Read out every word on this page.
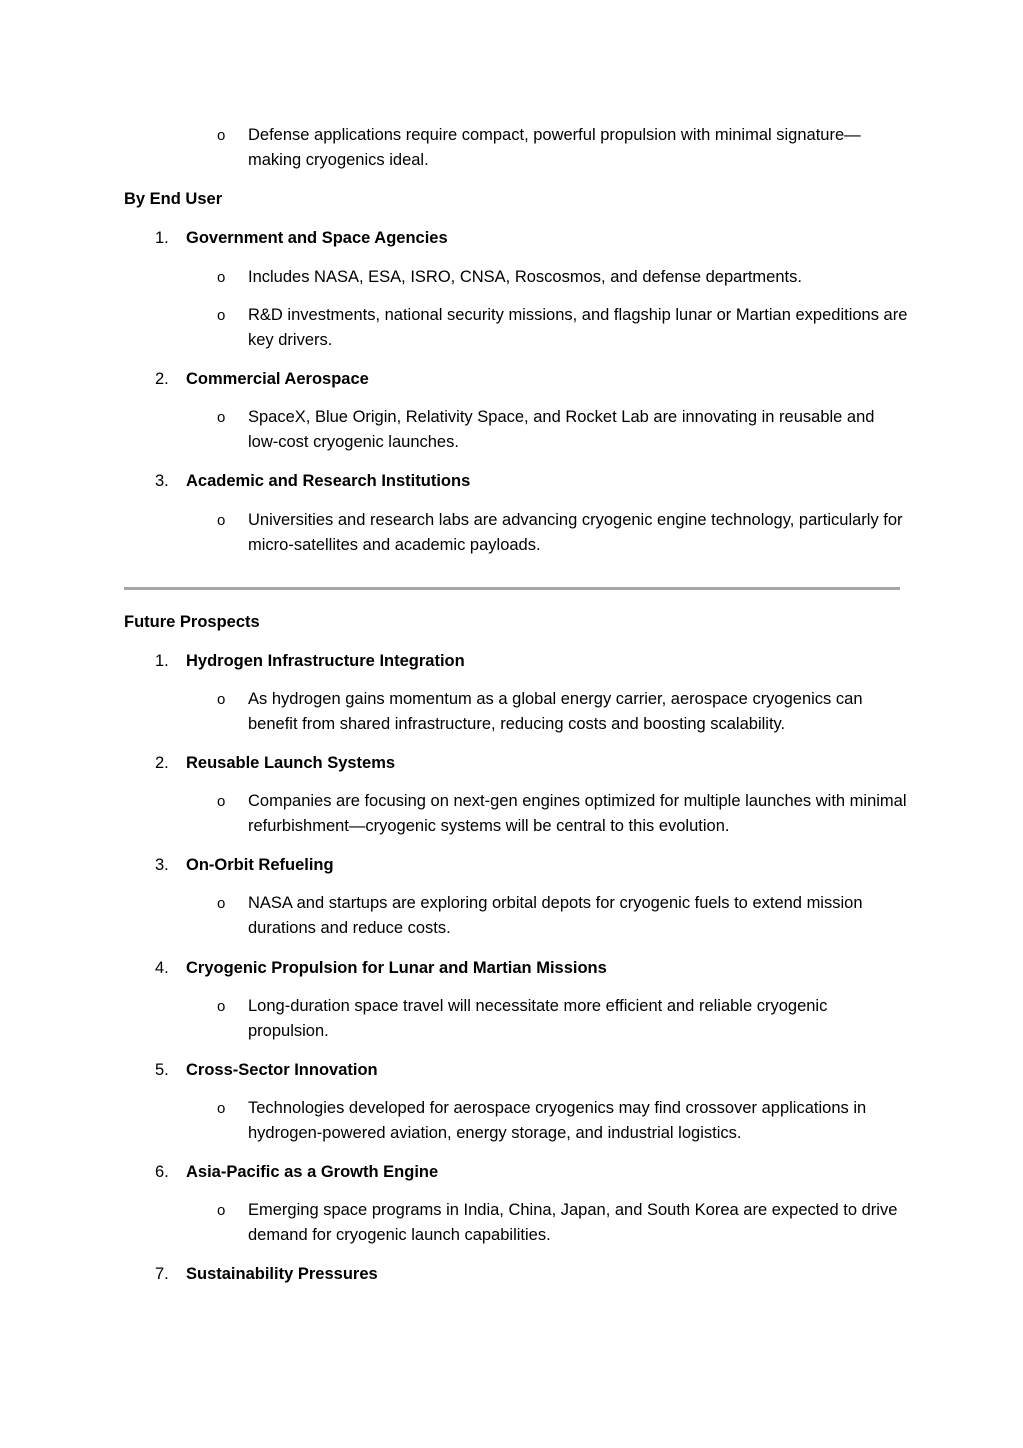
o Defense applications require compact, powerful propulsion with minimal signature—making cryogenics ideal.
By End User
1. Government and Space Agencies
o Includes NASA, ESA, ISRO, CNSA, Roscosmos, and defense departments.
o R&D investments, national security missions, and flagship lunar or Martian expeditions are key drivers.
2. Commercial Aerospace
o SpaceX, Blue Origin, Relativity Space, and Rocket Lab are innovating in reusable and low-cost cryogenic launches.
3. Academic and Research Institutions
o Universities and research labs are advancing cryogenic engine technology, particularly for micro-satellites and academic payloads.
Future Prospects
1. Hydrogen Infrastructure Integration
o As hydrogen gains momentum as a global energy carrier, aerospace cryogenics can benefit from shared infrastructure, reducing costs and boosting scalability.
2. Reusable Launch Systems
o Companies are focusing on next-gen engines optimized for multiple launches with minimal refurbishment—cryogenic systems will be central to this evolution.
3. On-Orbit Refueling
o NASA and startups are exploring orbital depots for cryogenic fuels to extend mission durations and reduce costs.
4. Cryogenic Propulsion for Lunar and Martian Missions
o Long-duration space travel will necessitate more efficient and reliable cryogenic propulsion.
5. Cross-Sector Innovation
o Technologies developed for aerospace cryogenics may find crossover applications in hydrogen-powered aviation, energy storage, and industrial logistics.
6. Asia-Pacific as a Growth Engine
o Emerging space programs in India, China, Japan, and South Korea are expected to drive demand for cryogenic launch capabilities.
7. Sustainability Pressures
